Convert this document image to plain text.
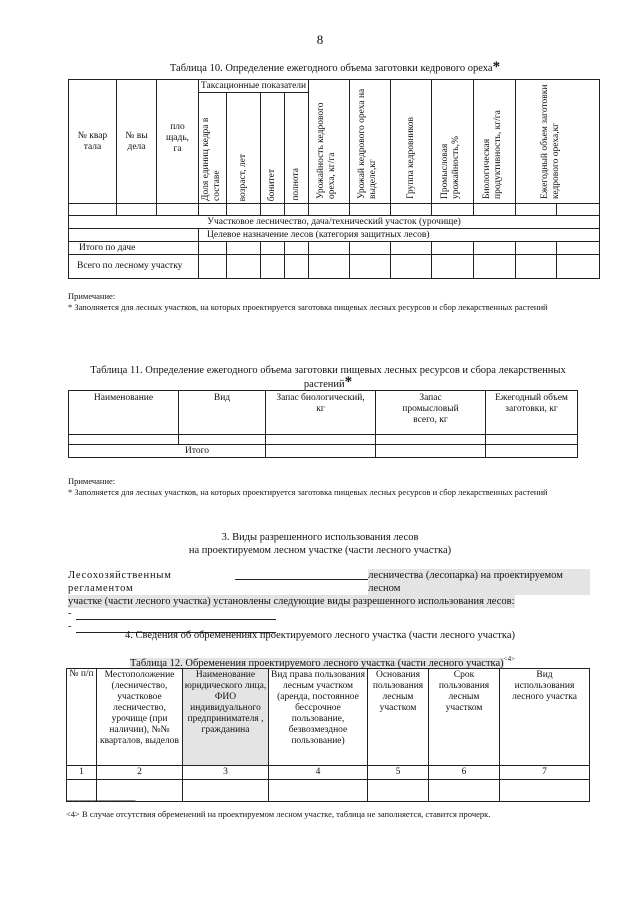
8
Таблица 10. Определение ежегодного объема заготовки кедрового ореха*
№ квар тала	№ вы дела	пло щадь, га	Таксационные показатели				Урожайность кедрового ореха, кг/га	Урожай кедрового ореха на выделе,кг	Группа кедровников	Промысловая урожайность,%	Биологическая продуктивность, кг/га	Ежегодный объем заготовки кедрового ореха,кг	

			Доля единиц кедра в составе	возраст, лет	бонитет	полнота							

Участковое лесничество, дача/технический участок (урочище)													
			Целевое назначение лесов (категория защитных лесов)										
Итого по даче													
Всего по лесному участку													
Примечание:
* Заполняется для лесных участков, на которых проектируется заготовка пищевых лесных ресурсов и сбор лекарственных растений
Таблица 11. Определение ежегодного объема заготовки пищевых лесных ресурсов и сбора лекарственных
растений*
Наименование	Вид	Запас биологический, кг	Запас промысловый всего, кг	Ежегодный объем заготовки, кг

Итого				
Примечание:
* Заполняется для лесных участков, на которых проектируется заготовка пищевых лесных ресурсов и сбор лекарственных растений
3. Виды разрешенного использования лесов
на проектируемом лесном участке (части лесного участка)
Лесохозяйственным регламентом
лесничества (лесопарка) на проектируемом лесном
участке (части лесного участка) установлены следующие виды разрешенного использования лесов:
-
-
4. Сведения об обременениях проектируемого лесного участка (части лесного участка)
Таблица 12. Обременения проектируемого лесного участка (части лесного участка)$^{<4>}$
№ п/п	Местоположение (лесничество, участковое лесничество, урочище (при наличии), №№ кварталов, выделов	Наименование юридического лица, ФИО индивидуального предпринимателя , гражданина	Вид права пользования лесным участком (аренда, постоянное бессрочное пользование, безвозмездное пользование)	Основания пользования лесным участком	Срок пользования лесным участком	Вид использования лесного участка
1	2	3	4	5	6	7

--------------------------------
<4> В случае отсутствия обременений на проектируемом лесном участке, таблица не заполняется, ставится прочерк.
